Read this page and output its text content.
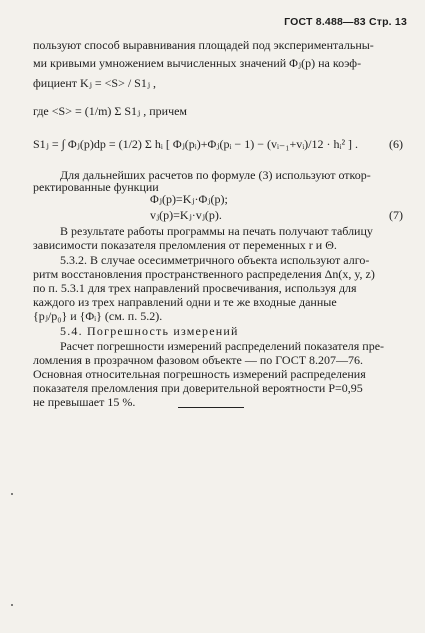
ГОСТ 8.488—83 Стр. 13
пользуют способ выравнивания площадей под экспериментальны-
ми кривыми умножением вычисленных значений Φⱼ(p) на коэф-
фициент Kⱼ = <S> / S1ⱼ ,
где <S> = (1/m) Σ S1ⱼ , причем
S1ⱼ = ∫ Φⱼ(p)dp = (1/2) Σ hᵢ [ Φⱼ(pᵢ)+Φⱼ(pᵢ − 1) − (vᵢ₋₁+vᵢ)/12 · hᵢ² ] .	(6)
Для дальнейших расчетов по формуле (3) используют откор-
ректированные функции
Φⱼ(p)=Kⱼ·Φⱼ(p);
vⱼ(p)=Kⱼ·vⱼ(p).	(7)
В результате работы программы на печать получают таблицу
зависимости показателя преломления от переменных r и Θ.
5.3.2. В случае осесимметричного объекта используют алго-
ритм восстановления пространственного распределения Δn(x, y, z)
по п. 5.3.1 для трех направлений просвечивания, используя для
каждого из трех направлений одни и те же входные данные
{pⱼ/p₀} и {Φᵢ} (см. п. 5.2).
5.4. Погрешность измерений
Расчет погрешности измерений распределений показателя пре-
ломления в прозрачном фазовом объекте — по ГОСТ 8.207—76.
Основная относительная погрешность измерений распределения
показателя преломления при доверительной вероятности P=0,95
не превышает 15 %.
